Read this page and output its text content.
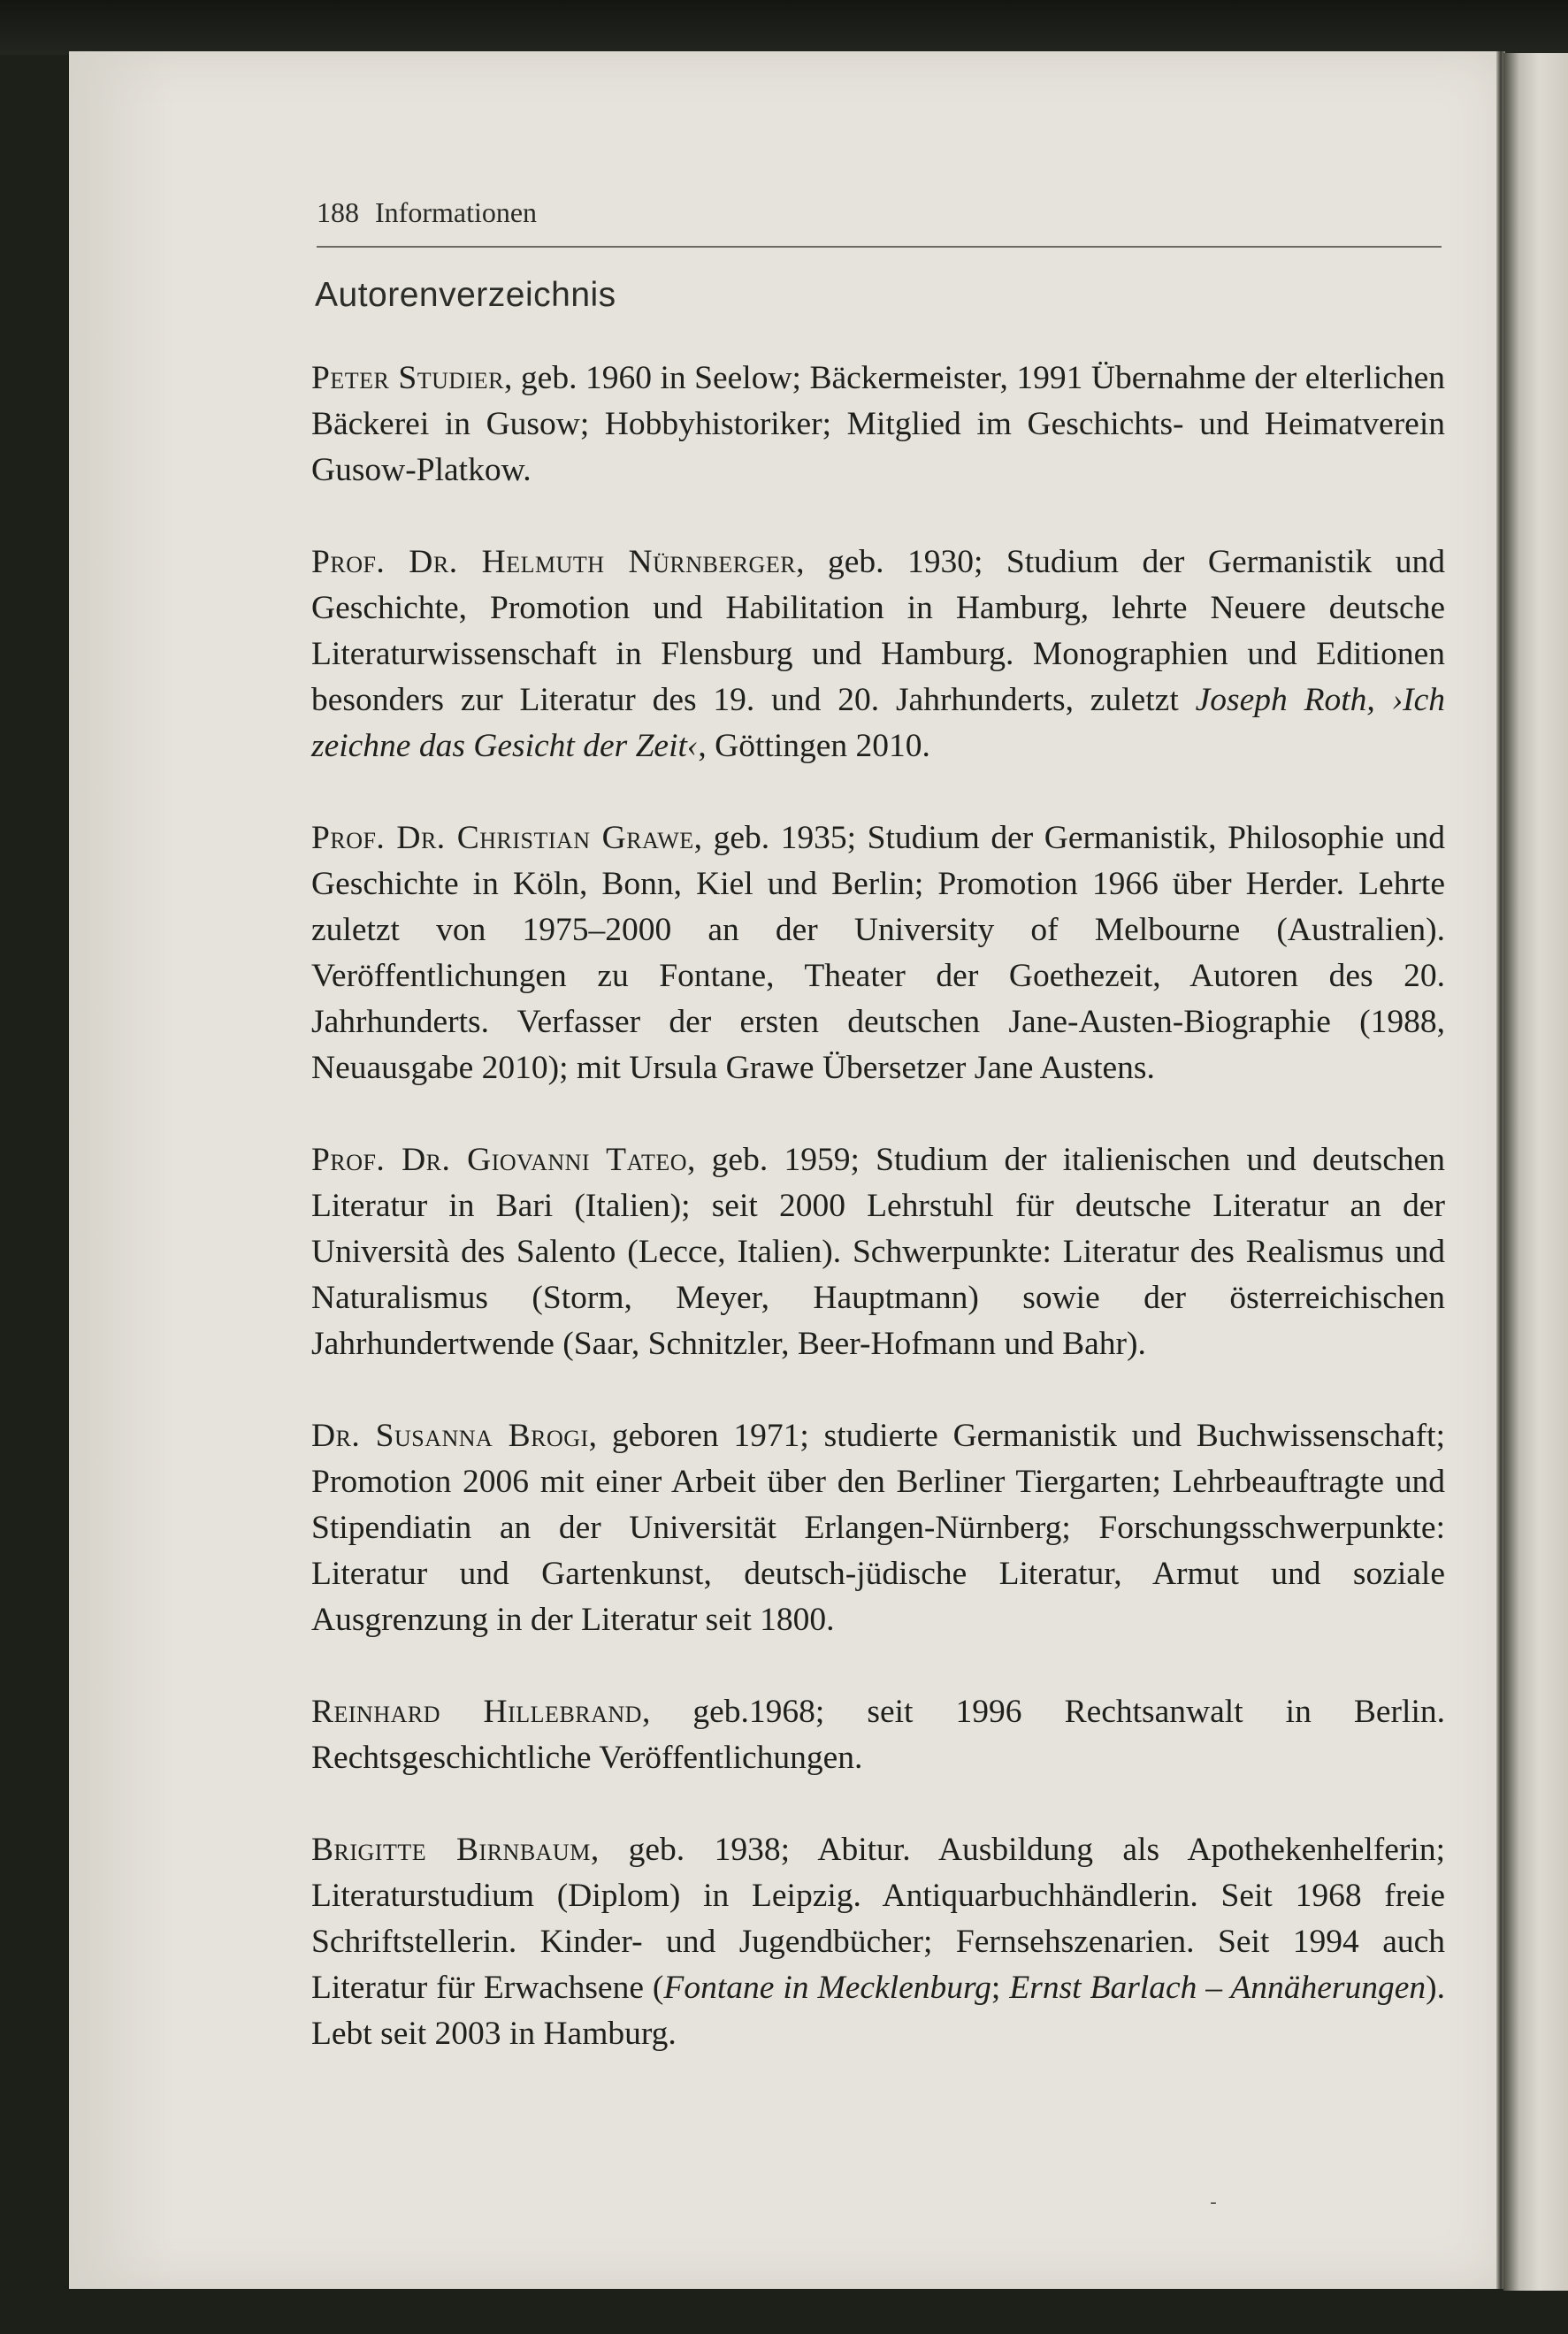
188 Informationen
Autorenverzeichnis

Peter Studier, geb. 1960 in Seelow; Bäckermeister, 1991 Übernahme der elterlichen Bäckerei in Gusow; Hobbyhistoriker; Mitglied im Geschichts- und Heimatverein Gusow-Platkow.

Prof. Dr. Helmuth Nürnberger, geb. 1930; Studium der Germanistik und Geschichte, Promotion und Habilitation in Hamburg, lehrte Neuere deutsche Literaturwissenschaft in Flensburg und Hamburg. Monographien und Editionen besonders zur Literatur des 19. und 20. Jahrhunderts, zuletzt Joseph Roth, ›Ich zeichne das Gesicht der Zeit‹, Göttingen 2010.

Prof. Dr. Christian Grawe, geb. 1935; Studium der Germanistik, Philosophie und Geschichte in Köln, Bonn, Kiel und Berlin; Promotion 1966 über Herder. Lehrte zuletzt von 1975–2000 an der University of Melbourne (Australien). Veröffentlichungen zu Fontane, Theater der Goethezeit, Autoren des 20. Jahrhunderts. Verfasser der ersten deutschen Jane-Austen-Biographie (1988, Neuausgabe 2010); mit Ursula Grawe Übersetzer Jane Austens.

Prof. Dr. Giovanni Tateo, geb. 1959; Studium der italienischen und deutschen Literatur in Bari (Italien); seit 2000 Lehrstuhl für deutsche Literatur an der Università des Salento (Lecce, Italien). Schwerpunkte: Literatur des Realismus und Naturalismus (Storm, Meyer, Hauptmann) sowie der österreichischen Jahrhundertwende (Saar, Schnitzler, Beer-Hofmann und Bahr).

Dr. Susanna Brogi, geboren 1971; studierte Germanistik und Buchwissenschaft; Promotion 2006 mit einer Arbeit über den Berliner Tiergarten; Lehrbeauftragte und Stipendiatin an der Universität Erlangen-Nürnberg; Forschungsschwerpunkte: Literatur und Gartenkunst, deutsch-jüdische Literatur, Armut und soziale Ausgrenzung in der Literatur seit 1800.

Reinhard Hillebrand, geb.1968; seit 1996 Rechtsanwalt in Berlin. Rechtsgeschichtliche Veröffentlichungen.

Brigitte Birnbaum, geb. 1938; Abitur. Ausbildung als Apothekenhelferin; Literaturstudium (Diplom) in Leipzig. Antiquarbuchhändlerin. Seit 1968 freie Schriftstellerin. Kinder- und Jugendbücher; Fernsehszenarien. Seit 1994 auch Literatur für Erwachsene (Fontane in Mecklenburg; Ernst Barlach – Annäherungen). Lebt seit 2003 in Hamburg.

-
